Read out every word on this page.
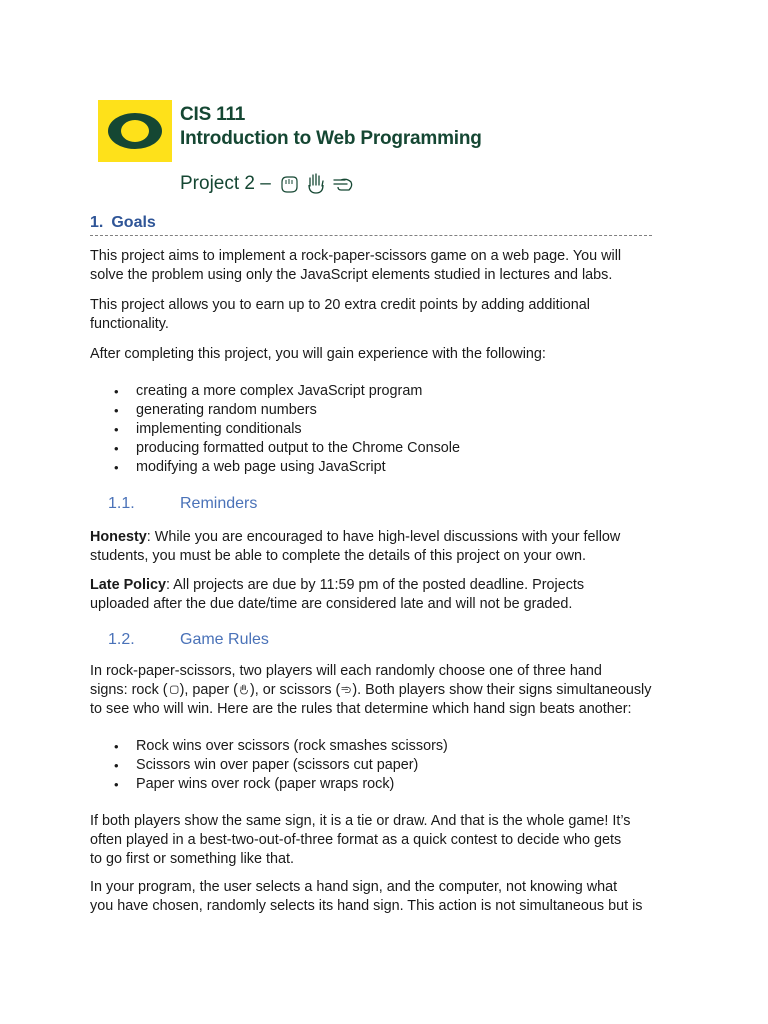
CIS 111
Introduction to Web Programming
Project 2 –
1. Goals
This project aims to implement a rock-paper-scissors game on a web page. You will
solve the problem using only the JavaScript elements studied in lectures and labs.
This project allows you to earn up to 20 extra credit points by adding additional
functionality.
After completing this project, you will gain experience with the following:
• creating a more complex JavaScript program
• generating random numbers
• implementing conditionals
• producing formatted output to the Chrome Console
• modifying a web page using JavaScript
1.1.	Reminders
Honesty: While you are encouraged to have high-level discussions with your fellow
students, you must be able to complete the details of this project on your own.
Late Policy: All projects are due by 11:59 pm of the posted deadline. Projects
uploaded after the due date/time are considered late and will not be graded.
1.2.	Game Rules
In rock-paper-scissors, two players will each randomly choose one of three hand
signs: rock ( ), paper ( ), or scissors ( ). Both players show their signs simultaneously
to see who will win. Here are the rules that determine which hand sign beats another:
• Rock wins over scissors (rock smashes scissors)
• Scissors win over paper (scissors cut paper)
• Paper wins over rock (paper wraps rock)
If both players show the same sign, it is a tie or draw. And that is the whole game! It’s
often played in a best-two-out-of-three format as a quick contest to decide who gets
to go first or something like that.
In your program, the user selects a hand sign, and the computer, not knowing what
you have chosen, randomly selects its hand sign. This action is not simultaneous but is
